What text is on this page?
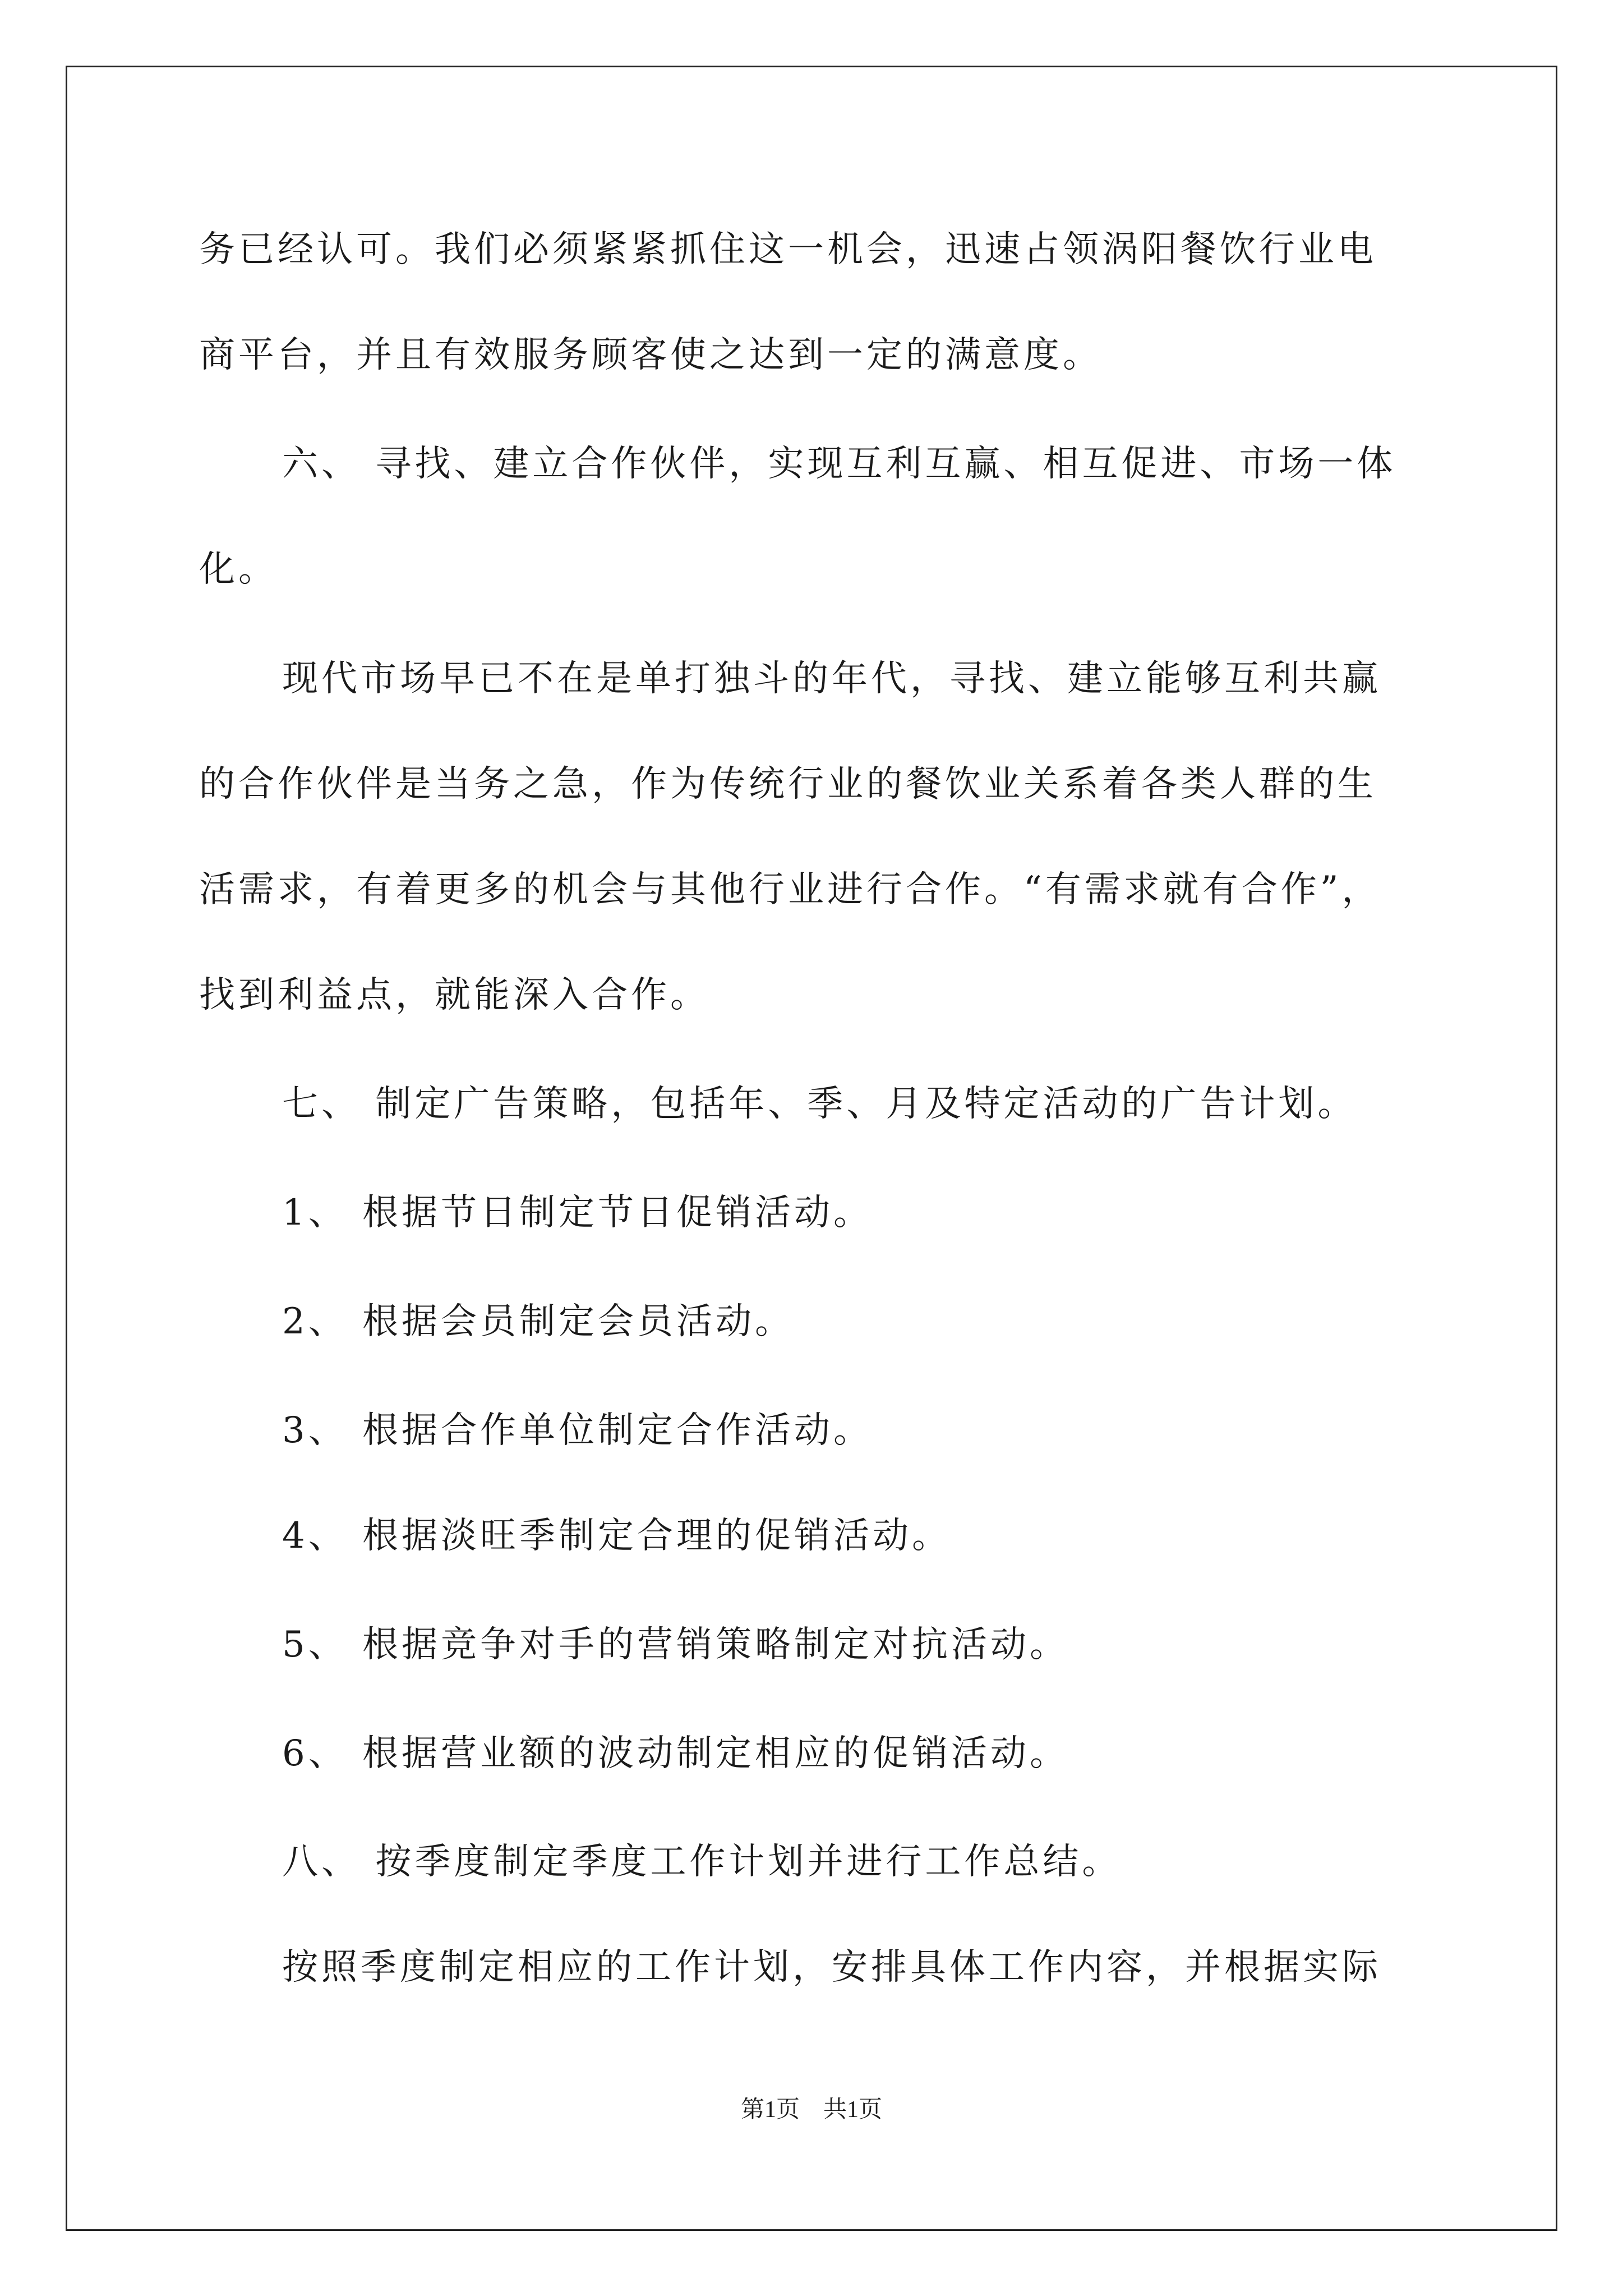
务已经认可。我们必须紧紧抓住这一机会，迅速占领涡阳餐饮行业电
商平台，并且有效服务顾客使之达到一定的满意度。
六、 寻找、建立合作伙伴，实现互利互赢、相互促进、市场一体
化。
现代市场早已不在是单打独斗的年代，寻找、建立能够互利共赢
的合作伙伴是当务之急，作为传统行业的餐饮业关系着各类人群的生
活需求，有着更多的机会与其他行业进行合作。“有需求就有合作”，
找到利益点，就能深入合作。
七、 制定广告策略，包括年、季、月及特定活动的广告计划。
1、 根据节日制定节日促销活动。
2、 根据会员制定会员活动。
3、 根据合作单位制定合作活动。
4、 根据淡旺季制定合理的促销活动。
5、 根据竞争对手的营销策略制定对抗活动。
6、 根据营业额的波动制定相应的促销活动。
八、 按季度制定季度工作计划并进行工作总结。
按照季度制定相应的工作计划，安排具体工作内容，并根据实际
第1页　共1页
